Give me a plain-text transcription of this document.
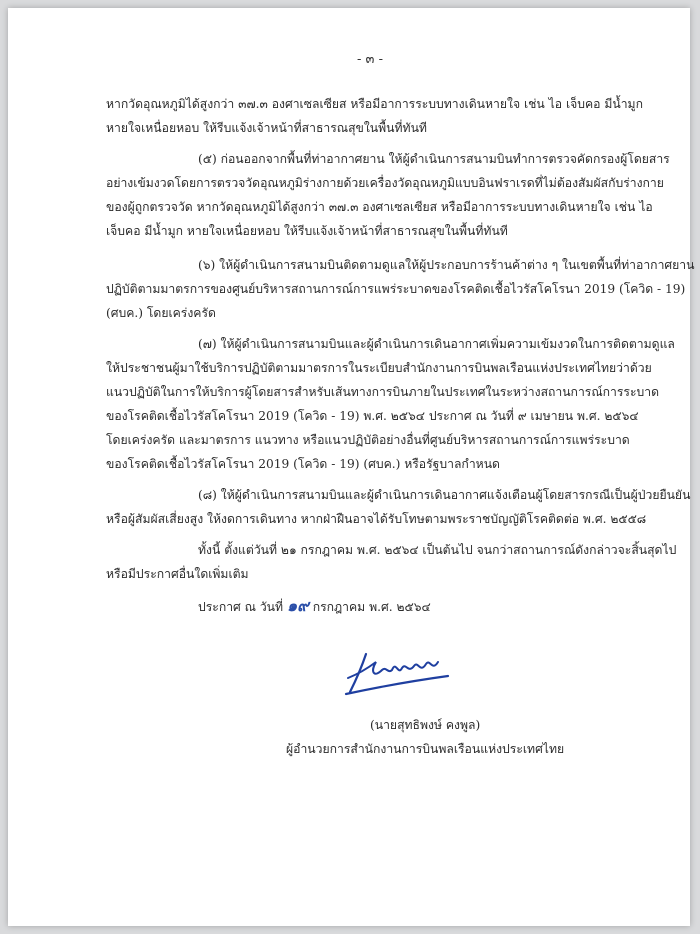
- ๓ -
หากวัดอุณหภูมิได้สูงกว่า ๓๗.๓ องศาเซลเซียส หรือมีอาการระบบทางเดินหายใจ เช่น ไอ เจ็บคอ มีน้ำมูก
หายใจเหนื่อยหอบ ให้รีบแจ้งเจ้าหน้าที่สาธารณสุขในพื้นที่ทันที
(๕) ก่อนออกจากพื้นที่ท่าอากาศยาน ให้ผู้ดำเนินการสนามบินทำการตรวจคัดกรองผู้โดยสาร
อย่างเข้มงวดโดยการตรวจวัดอุณหภูมิร่างกายด้วยเครื่องวัดอุณหภูมิแบบอินฟราเรดที่ไม่ต้องสัมผัสกับร่างกาย
ของผู้ถูกตรวจวัด หากวัดอุณหภูมิได้สูงกว่า ๓๗.๓ องศาเซลเซียส หรือมีอาการระบบทางเดินหายใจ เช่น ไอ
เจ็บคอ มีน้ำมูก หายใจเหนื่อยหอบ ให้รีบแจ้งเจ้าหน้าที่สาธารณสุขในพื้นที่ทันที
(๖) ให้ผู้ดำเนินการสนามบินติดตามดูแลให้ผู้ประกอบการร้านค้าต่าง ๆ ในเขตพื้นที่ท่าอากาศยาน
ปฏิบัติตามมาตรการของศูนย์บริหารสถานการณ์การแพร่ระบาดของโรคติดเชื้อไวรัสโคโรนา 2019 (โควิด - 19)
(ศบค.) โดยเคร่งครัด
(๗) ให้ผู้ดำเนินการสนามบินและผู้ดำเนินการเดินอากาศเพิ่มความเข้มงวดในการติดตามดูแล
ให้ประชาชนผู้มาใช้บริการปฏิบัติตามมาตรการในระเบียบสำนักงานการบินพลเรือนแห่งประเทศไทยว่าด้วย
แนวปฏิบัติในการให้บริการผู้โดยสารสำหรับเส้นทางการบินภายในประเทศในระหว่างสถานการณ์การระบาด
ของโรคติดเชื้อไวรัสโคโรนา 2019 (โควิด - 19) พ.ศ. ๒๕๖๔ ประกาศ ณ วันที่ ๙ เมษายน พ.ศ. ๒๕๖๔
โดยเคร่งครัด และมาตรการ แนวทาง หรือแนวปฏิบัติอย่างอื่นที่ศูนย์บริหารสถานการณ์การแพร่ระบาด
ของโรคติดเชื้อไวรัสโคโรนา 2019 (โควิด - 19) (ศบค.) หรือรัฐบาลกำหนด
(๘) ให้ผู้ดำเนินการสนามบินและผู้ดำเนินการเดินอากาศแจ้งเตือนผู้โดยสารกรณีเป็นผู้ป่วยยืนยัน
หรือผู้สัมผัสเสี่ยงสูง ให้งดการเดินทาง หากฝ่าฝืนอาจได้รับโทษตามพระราชบัญญัติโรคติดต่อ พ.ศ. ๒๕๕๘
ทั้งนี้ ตั้งแต่วันที่ ๒๑ กรกฎาคม พ.ศ. ๒๕๖๔ เป็นต้นไป จนกว่าสถานการณ์ดังกล่าวจะสิ้นสุดไป
หรือมีประกาศอื่นใดเพิ่มเติม
ประกาศ ณ วันที่ ๑๙ กรกฎาคม พ.ศ. ๒๕๖๔
(นายสุทธิพงษ์ คงพูล)
ผู้อำนวยการสำนักงานการบินพลเรือนแห่งประเทศไทย
